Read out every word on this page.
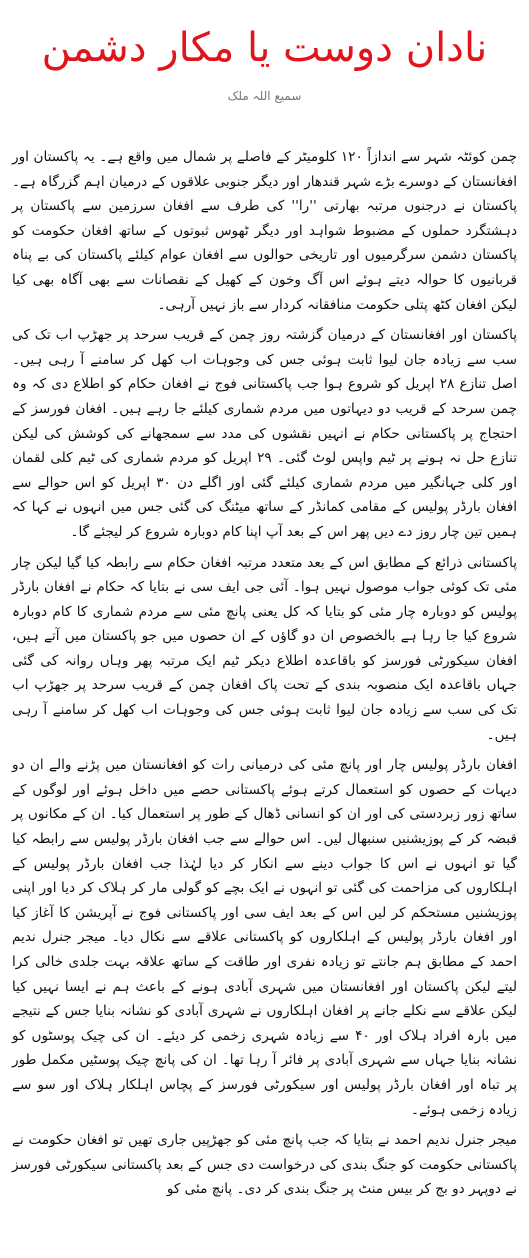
نادان دوست یا مکار دشمن
سمیع اللہ ملک

چمن کوئٹہ شہر سے اندازاً ۱۲۰ کلومیٹر کے فاصلے پر شمال میں واقع ہے۔ یہ پاکستان اور افغانستان کے دوسرے بڑے شہر قندھار اور دیگر جنوبی علاقوں کے درمیان اہم گزرگاہ ہے۔ پاکستان نے درجنوں مرتبہ بھارتی ''را'' کی طرف سے افغان سرزمین سے پاکستان پر دہشتگرد حملوں کے مضبوط شواہد اور دیگر ٹھوس ثبوتوں کے ساتھ افغان حکومت کو پاکستان دشمن سرگرمیوں اور تاریخی حوالوں سے افغان عوام کیلئے پاکستان کی بے پناہ قربانیوں کا حوالہ دیتے ہوئے اس آگ وخون کے کھیل کے نقصانات سے بھی آگاہ بھی کیا لیکن افغان کٹھ پتلی حکومت منافقانہ کردار سے باز نہیں آرہی۔

پاکستان اور افغانستان کے درمیان گزشتہ روز چمن کے قریب سرحد پر جھڑپ اب تک کی سب سے زیادہ جان لیوا ثابت ہوئی جس کی وجوہات اب کھل کر سامنے آ رہی ہیں۔ اصل تنازع ۲۸ اپریل کو شروع ہوا جب پاکستانی فوج نے افغان حکام کو اطلاع دی کہ وہ چمن سرحد کے قریب دو دیہاتوں میں مردم شماری کیلئے جا رہے ہیں۔ افغان فورسز کے احتجاج پر پاکستانی حکام نے انہیں نقشوں کی مدد سے سمجھانے کی کوشش کی لیکن تنازع حل نہ ہونے پر ٹیم واپس لوٹ گئی۔ ۲۹ اپریل کو مردم شماری کی ٹیم کلی لقمان اور کلی جہانگیر میں مردم شماری کیلئے گئی اور اگلے دن ۳۰ اپریل کو اس حوالے سے افغان بارڈر پولیس کے مقامی کمانڈر کے ساتھ میٹنگ کی گئی جس میں انہوں نے کہا کہ ہمیں تین چار روز دے دیں پھر اس کے بعد آپ اپنا کام دوبارہ شروع کر لیجئے گا۔

پاکستانی ذرائع کے مطابق اس کے بعد متعدد مرتبہ افغان حکام سے رابطہ کیا گیا لیکن چار مئی تک کوئی جواب موصول نہیں ہوا۔ آئی جی ایف سی نے بتایا کہ حکام نے افغان بارڈر پولیس کو دوبارہ چار مئی کو بتایا کہ کل یعنی پانچ مئی سے مردم شماری کا کام دوبارہ شروع کیا جا رہا ہے بالخصوص ان دو گاؤں کے ان حصوں میں جو پاکستان میں آتے ہیں، افغان سیکورٹی فورسز کو باقاعدہ اطلاع دیکر ٹیم ایک مرتبہ پھر وہاں روانہ کی گئی جہاں باقاعدہ ایک منصوبہ بندی کے تحت پاک افغان چمن کے قریب سرحد پر جھڑپ اب تک کی سب سے زیادہ جان لیوا ثابت ہوئی جس کی وجوہات اب کھل کر سامنے آ رہی ہیں۔

افغان بارڈر پولیس چار اور پانچ مئی کی درمیانی رات کو افغانستان میں پڑنے والے ان دو دیہات کے حصوں کو استعمال کرتے ہوئے پاکستانی حصے میں داخل ہوئے اور لوگوں کے ساتھ زور زبردستی کی اور ان کو انسانی ڈھال کے طور پر استعمال کیا۔ ان کے مکانوں پر قبضہ کر کے پوزیشنیں سنبھال لیں۔ اس حوالے سے جب افغان بارڈر پولیس سے رابطہ کیا گیا تو انہوں نے اس کا جواب دینے سے انکار کر دیا لہٰذا جب افغان بارڈر پولیس کے اہلکاروں کی مزاحمت کی گئی تو انہوں نے ایک بچے کو گولی مار کر ہلاک کر دیا اور اپنی پوزیشنیں مستحکم کر لیں اس کے بعد ایف سی اور پاکستانی فوج نے آپریشن کا آغاز کیا اور افغان بارڈر پولیس کے اہلکاروں کو پاکستانی علاقے سے نکال دیا۔ میجر جنرل ندیم احمد کے مطابق ہم جانتے تو زیادہ نفری اور طاقت کے ساتھ علاقہ بہت جلدی خالی کرا لیتے لیکن پاکستان اور افغانستان میں شہری آبادی ہونے کے باعث ہم نے ایسا نہیں کیا لیکن علاقے سے نکلے جانے پر افغان اہلکاروں نے شہری آبادی کو نشانہ بنایا جس کے نتیجے میں بارہ افراد ہلاک اور ۴۰ سے زیادہ شہری زخمی کر دیئے۔ ان کی چیک پوسٹوں کو نشانہ بنایا جہاں سے شہری آبادی پر فائر آ رہا تھا۔ ان کی پانچ چیک پوسٹیں مکمل طور پر تباہ اور افغان بارڈر پولیس اور سیکورٹی فورسز کے پچاس اہلکار ہلاک اور سو سے زیادہ زخمی ہوئے۔

میجر جنرل ندیم احمد نے بتایا کہ جب پانچ مئی کو جھڑپیں جاری تھیں تو افغان حکومت نے پاکستانی حکومت کو جنگ بندی کی درخواست دی جس کے بعد پاکستانی سیکورٹی فورسز نے دوپہر دو بج کر بیس منٹ پر جنگ بندی کر دی۔ پانچ مئی کو
